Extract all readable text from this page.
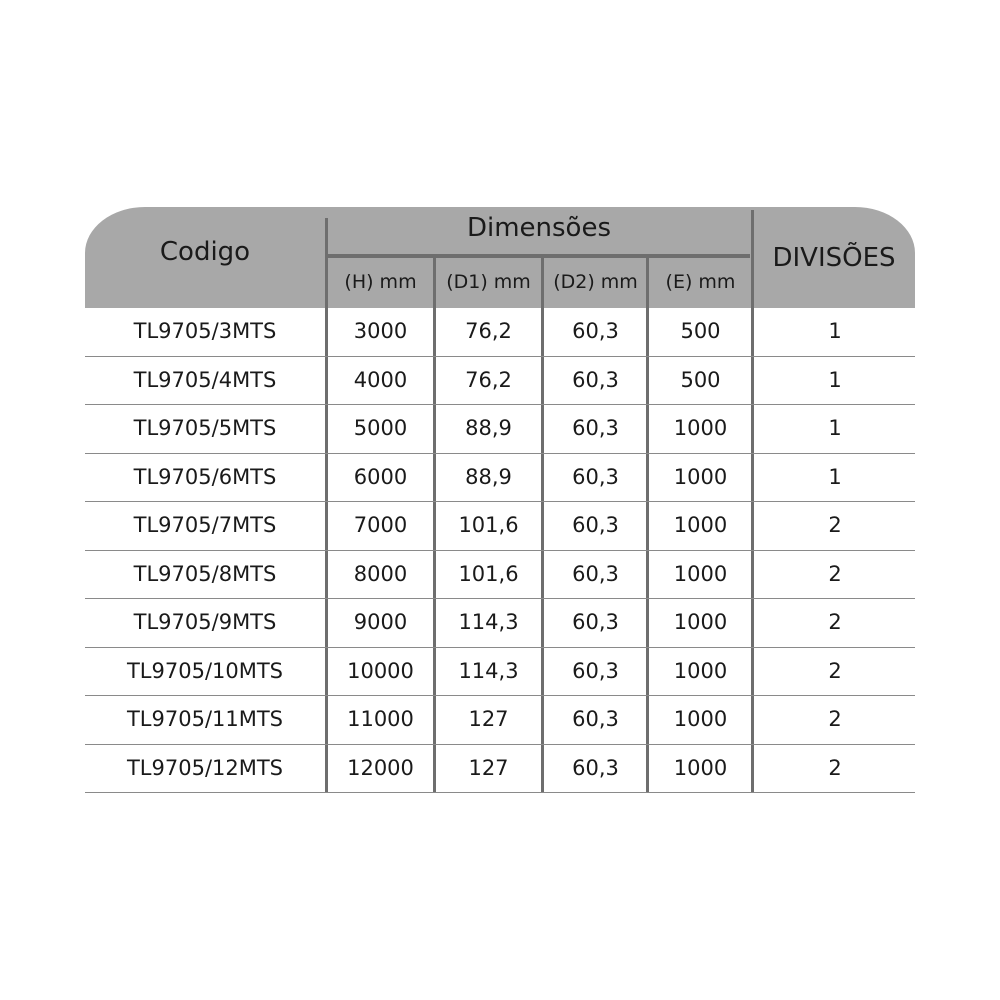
Codigo
Dimensões
DIVISÕES
(H) mm	(D1) mm	(D2) mm	(E) mm
TL9705/3MTS	3000	76,2	60,3	500	1
TL9705/4MTS	4000	76,2	60,3	500	1
TL9705/5MTS	5000	88,9	60,3	1000	1
TL9705/6MTS	6000	88,9	60,3	1000	1
TL9705/7MTS	7000	101,6	60,3	1000	2
TL9705/8MTS	8000	101,6	60,3	1000	2
TL9705/9MTS	9000	114,3	60,3	1000	2
TL9705/10MTS	10000	114,3	60,3	1000	2
TL9705/11MTS	11000	127	60,3	1000	2
TL9705/12MTS	12000	127	60,3	1000	2
